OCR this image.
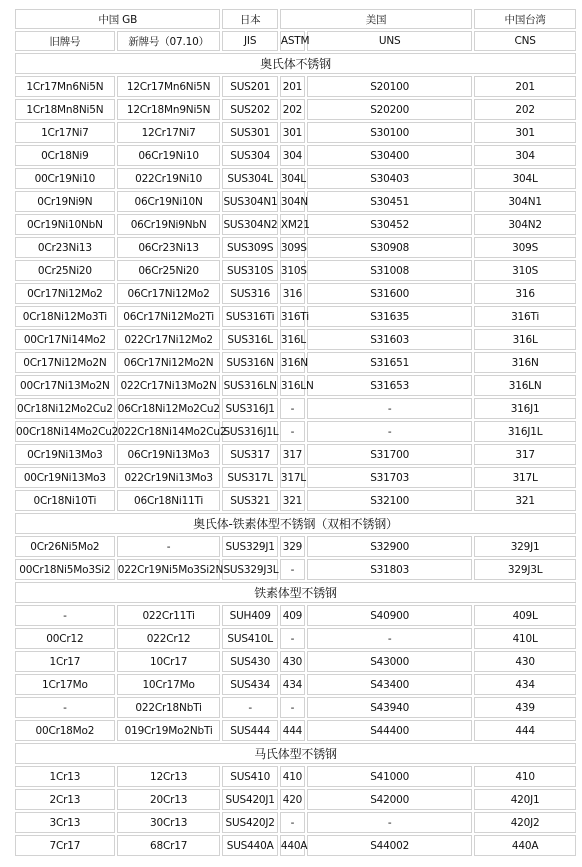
中国 GB		日本	美国		中国台湾
旧牌号	新牌号（07.10）	JIS	ASTM	UNS	CNS
奥氏体不锈钢					
1Cr17Mn6Ni5N	12Cr17Mn6Ni5N	SUS201	201	S20100	201
1Cr18Mn8Ni5N	12Cr18Mn9Ni5N	SUS202	202	S20200	202
1Cr17Ni7	12Cr17Ni7	SUS301	301	S30100	301
0Cr18Ni9	06Cr19Ni10	SUS304	304	S30400	304
00Cr19Ni10	022Cr19Ni10	SUS304L	304L	S30403	304L
0Cr19Ni9N	06Cr19Ni10N	SUS304N1	304N	S30451	304N1
0Cr19Ni10NbN	06Cr19Ni9NbN	SUS304N2	XM21	S30452	304N2
0Cr23Ni13	06Cr23Ni13	SUS309S	309S	S30908	309S
0Cr25Ni20	06Cr25Ni20	SUS310S	310S	S31008	310S
0Cr17Ni12Mo2	06Cr17Ni12Mo2	SUS316	316	S31600	316
0Cr18Ni12Mo3Ti	06Cr17Ni12Mo2Ti	SUS316Ti	316Ti	S31635	316Ti
00Cr17Ni14Mo2	022Cr17Ni12Mo2	SUS316L	316L	S31603	316L
0Cr17Ni12Mo2N	06Cr17Ni12Mo2N	SUS316N	316N	S31651	316N
00Cr17Ni13Mo2N	022Cr17Ni13Mo2N	SUS316LN	316LN	S31653	316LN
0Cr18Ni12Mo2Cu2	06Cr18Ni12Mo2Cu2	SUS316J1	-	-	316J1
00Cr18Ni14Mo2Cu2	022Cr18Ni14Mo2Cu2	SUS316J1L	-	-	316J1L
0Cr19Ni13Mo3	06Cr19Ni13Mo3	SUS317	317	S31700	317
00Cr19Ni13Mo3	022Cr19Ni13Mo3	SUS317L	317L	S31703	317L
0Cr18Ni10Ti	06Cr18Ni11Ti	SUS321	321	S32100	321
奥氏体-铁素体型不锈钢（双相不锈钢）					
0Cr26Ni5Mo2	-	SUS329J1	329	S32900	329J1
00Cr18Ni5Mo3Si2	022Cr19Ni5Mo3Si2N	SUS329J3L	-	S31803	329J3L
铁素体型不锈钢					
-	022Cr11Ti	SUH409	409	S40900	409L
00Cr12	022Cr12	SUS410L	-	-	410L
1Cr17	10Cr17	SUS430	430	S43000	430
1Cr17Mo	10Cr17Mo	SUS434	434	S43400	434
-	022Cr18NbTi	-	-	S43940	439
00Cr18Mo2	019Cr19Mo2NbTi	SUS444	444	S44400	444
马氏体型不锈钢					
1Cr13	12Cr13	SUS410	410	S41000	410
2Cr13	20Cr13	SUS420J1	420	S42000	420J1
3Cr13	30Cr13	SUS420J2	-	-	420J2
7Cr17	68Cr17	SUS440A	440A	S44002	440A
